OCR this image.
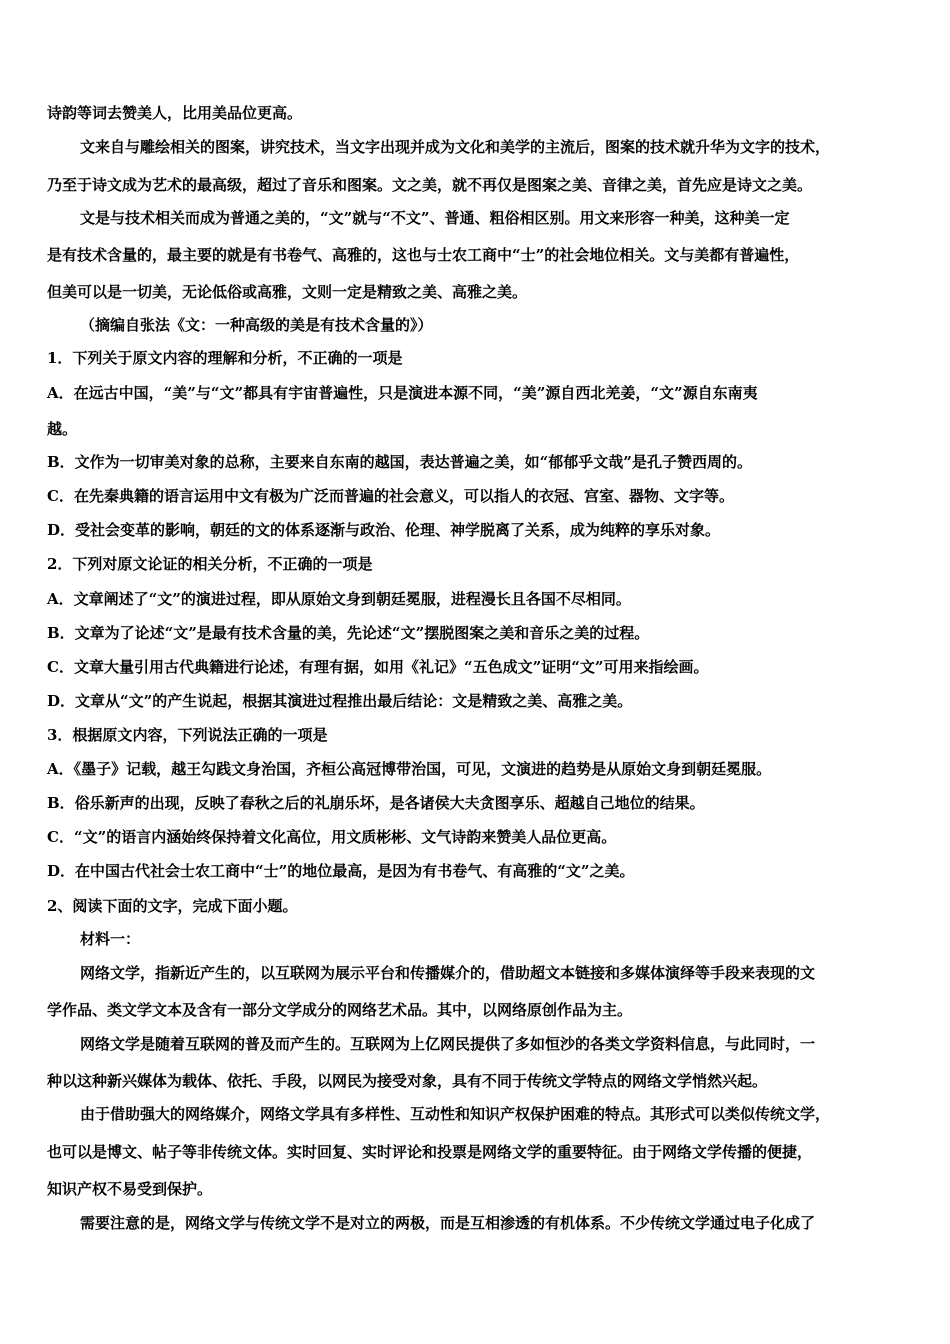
诗韵等词去赞美人，比用美品位更高。
文来自与雕绘相关的图案，讲究技术，当文字出现并成为文化和美学的主流后，图案的技术就升华为文字的技术，
乃至于诗文成为艺术的最高级，超过了音乐和图案。文之美，就不再仅是图案之美、音律之美，首先应是诗文之美。
文是与技术相关而成为普通之美的，“文”就与“不文”、普通、粗俗相区别。用文来形容一种美，这种美一定
是有技术含量的，最主要的就是有书卷气、高雅的，这也与士农工商中“士”的社会地位相关。文与美都有普遍性，
但美可以是一切美，无论低俗或高雅，文则一定是精致之美、高雅之美。
（摘编自张法《文：一种高级的美是有技术含量的》）
1．下列关于原文内容的理解和分析，不正确的一项是
A．在远古中国，“美”与“文”都具有宇宙普遍性，只是演进本源不同，“美”源自西北羌姜，“文”源自东南夷
越。
B．文作为一切审美对象的总称，主要来自东南的越国，表达普遍之美，如“郁郁乎文哉”是孔子赞西周的。
C．在先秦典籍的语言运用中文有极为广泛而普遍的社会意义，可以指人的衣冠、宫室、器物、文字等。
D．受社会变革的影响，朝廷的文的体系逐渐与政治、伦理、神学脱离了关系，成为纯粹的享乐对象。
2．下列对原文论证的相关分析，不正确的一项是
A．文章阐述了“文”的演进过程，即从原始文身到朝廷冕服，进程漫长且各国不尽相同。
B．文章为了论述“文”是最有技术含量的美，先论述“文”摆脱图案之美和音乐之美的过程。
C．文章大量引用古代典籍进行论述，有理有据，如用《礼记》“五色成文”证明“文”可用来指绘画。
D．文章从“文”的产生说起，根据其演进过程推出最后结论：文是精致之美、高雅之美。
3．根据原文内容，下列说法正确的一项是
A．《墨子》记载，越王勾践文身治国，齐桓公高冠博带治国，可见，文演进的趋势是从原始文身到朝廷冕服。
B．俗乐新声的出现，反映了春秋之后的礼崩乐坏，是各诸侯大夫贪图享乐、超越自己地位的结果。
C．“文”的语言内涵始终保持着文化高位，用文质彬彬、文气诗韵来赞美人品位更高。
D．在中国古代社会士农工商中“士”的地位最高，是因为有书卷气、有高雅的“文”之美。
2、阅读下面的文字，完成下面小题。
材料一：
网络文学，指新近产生的，以互联网为展示平台和传播媒介的，借助超文本链接和多媒体演绎等手段来表现的文
学作品、类文学文本及含有一部分文学成分的网络艺术品。其中，以网络原创作品为主。
网络文学是随着互联网的普及而产生的。互联网为上亿网民提供了多如恒沙的各类文学资料信息，与此同时，一
种以这种新兴媒体为载体、依托、手段，以网民为接受对象，具有不同于传统文学特点的网络文学悄然兴起。
由于借助强大的网络媒介，网络文学具有多样性、互动性和知识产权保护困难的特点。其形式可以类似传统文学，
也可以是博文、帖子等非传统文体。实时回复、实时评论和投票是网络文学的重要特征。由于网络文学传播的便捷，
知识产权不易受到保护。
需要注意的是，网络文学与传统文学不是对立的两极，而是互相渗透的有机体系。不少传统文学通过电子化成了
